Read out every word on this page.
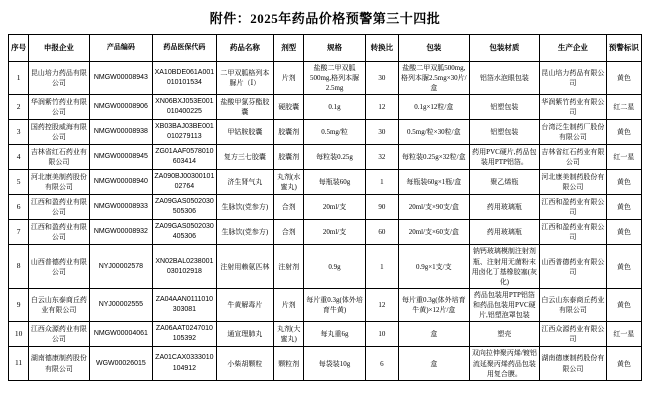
附件：2025年药品价格预警第三十四批
序号	申报企业	产品编码	药品医保代码	药品名称	剂型	规格	转换比	包装	包装材质	生产企业	预警标识
1	昆山培力药品有限公司	NMGW00008943	XA10BDE061A001010101534	二甲双胍格列本脲片（Ⅰ）	片剂	盐酸二甲双胍500mg,格列本脲2.5mg	30	盐酸二甲双胍500mg,格列本脲2.5mg×30片/盒	铝箔水泡眼包装	昆山培力药品有限公司	黄色
2	华润紫竹药业有限公司	NMGW00008906	XN06BXJ053E001010400225	盐酸甲氯芬酯胶囊	硬胶囊	0.1g	12	0.1g×12粒/盒	铝塑包装	华润紫竹药业有限公司	红二星
3	国药控股威海有限公司	NMGW00008938	XB03BAJ03BE001010279113	甲钴胺胶囊	胶囊剂	0.5mg/粒	30	0.5mg/粒×30粒/盒	铝塑包装	台湾泛生制药厂股份有限公司	黄色
4	吉林省红石药业有限公司	NMGW00008945	ZG01AAF0578010603414	复方三七胶囊	胶囊剂	每粒装0.25g	32	每粒装0.25g×32粒/盒	药用PVC硬片,药品包装用PTP铝箔。	吉林省红石药业有限公司	红一星
5	河北康美制药股份有限公司	NMGW00008940	ZA090BJ0030010102764	济生肾气丸	丸剂(水蜜丸)	每瓶装60g	1	每瓶装60g×1瓶/盒	聚乙烯瓶	河北康美制药股份有限公司	黄色
6	江西和盈药业有限公司	NMGW00008933	ZA09GAS0502030505306	生脉饮(党参方)	合剂	20ml/支	90	20ml/支×90支/盒	药用玻璃瓶	江西和盈药业有限公司	黄色
7	江西和盈药业有限公司	NMGW00008932	ZA09GAS0502030405306	生脉饮(党参方)	合剂	20ml/支	60	20ml/支×60支/盒	药用玻璃瓶	江西和盈药业有限公司	黄色
8	山西普德药业有限公司	NYJ00002578	XN02BAL0238001030102918	注射用赖氨匹林	注射剂	0.9g	1	0.9g×1支/支	钠钙玻璃模制注射剂瓶、注射用无菌粉末用卤化丁基橡胶塞(灰化)	山西普德药业有限公司	黄色
9	白云山东泰商丘药业有限公司	NYJ00002555	ZA04AAN0111010303081	牛黄解毒片	片剂	每片重0.3g(体外培育牛黄)	12	每片重0.3g(体外培育牛黄)×12片/盒	药品包装用PTP铝箔和药品包装用PVC硬片,铝塑泡罩包装	白云山东泰商丘药业有限公司	黄色
10	江西众源药业有限公司	NMGW00004061	ZA06AAT0247010105392	通宣理肺丸	丸剂(大蜜丸)	每丸重6g	10	盒	塑壳	江西众源药业有限公司	红一星
11	湖南德康制药股份有限公司	WGW00026015	ZA01CAX0333010104912	小柴胡颗粒	颗粒剂	每袋装10g	6	盒	双向拉伸聚丙烯/镀铝流延聚丙烯药品包装用复合膜。	湖南德康制药股份有限公司	黄色
